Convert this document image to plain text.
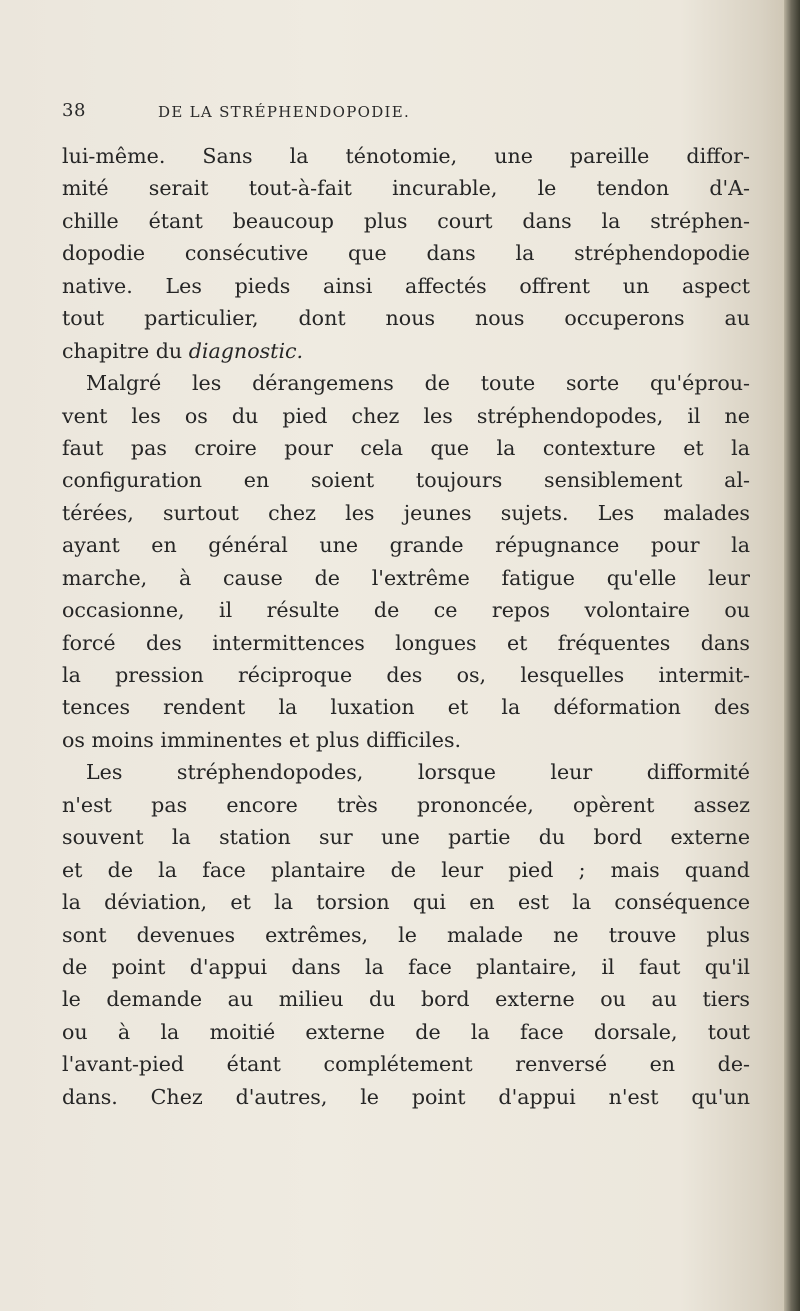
38	DE LA STRÉPHENDOPODIE.
lui-même. Sans la ténotomie, une pareille diffor-
mité serait tout-à-fait incurable, le tendon d'A-
chille étant beaucoup plus court dans la stréphen-
dopodie consécutive que dans la stréphendopodie
native. Les pieds ainsi affectés offrent un aspect
tout particulier, dont nous nous occuperons au
chapitre du diagnostic.
Malgré les dérangemens de toute sorte qu'éprou-
vent les os du pied chez les stréphendopodes, il ne
faut pas croire pour cela que la contexture et la
configuration en soient toujours sensiblement al-
térées, surtout chez les jeunes sujets. Les malades
ayant en général une grande répugnance pour la
marche, à cause de l'extrême fatigue qu'elle leur
occasionne, il résulte de ce repos volontaire ou
forcé des intermittences longues et fréquentes dans
la pression réciproque des os, lesquelles intermit-
tences rendent la luxation et la déformation des
os moins imminentes et plus difficiles.
Les stréphendopodes, lorsque leur difformité
n'est pas encore très prononcée, opèrent assez
souvent la station sur une partie du bord externe
et de la face plantaire de leur pied ; mais quand
la déviation, et la torsion qui en est la conséquence
sont devenues extrêmes, le malade ne trouve plus
de point d'appui dans la face plantaire, il faut qu'il
le demande au milieu du bord externe ou au tiers
ou à la moitié externe de la face dorsale, tout
l'avant-pied étant complétement renversé en de-
dans. Chez d'autres, le point d'appui n'est qu'un
